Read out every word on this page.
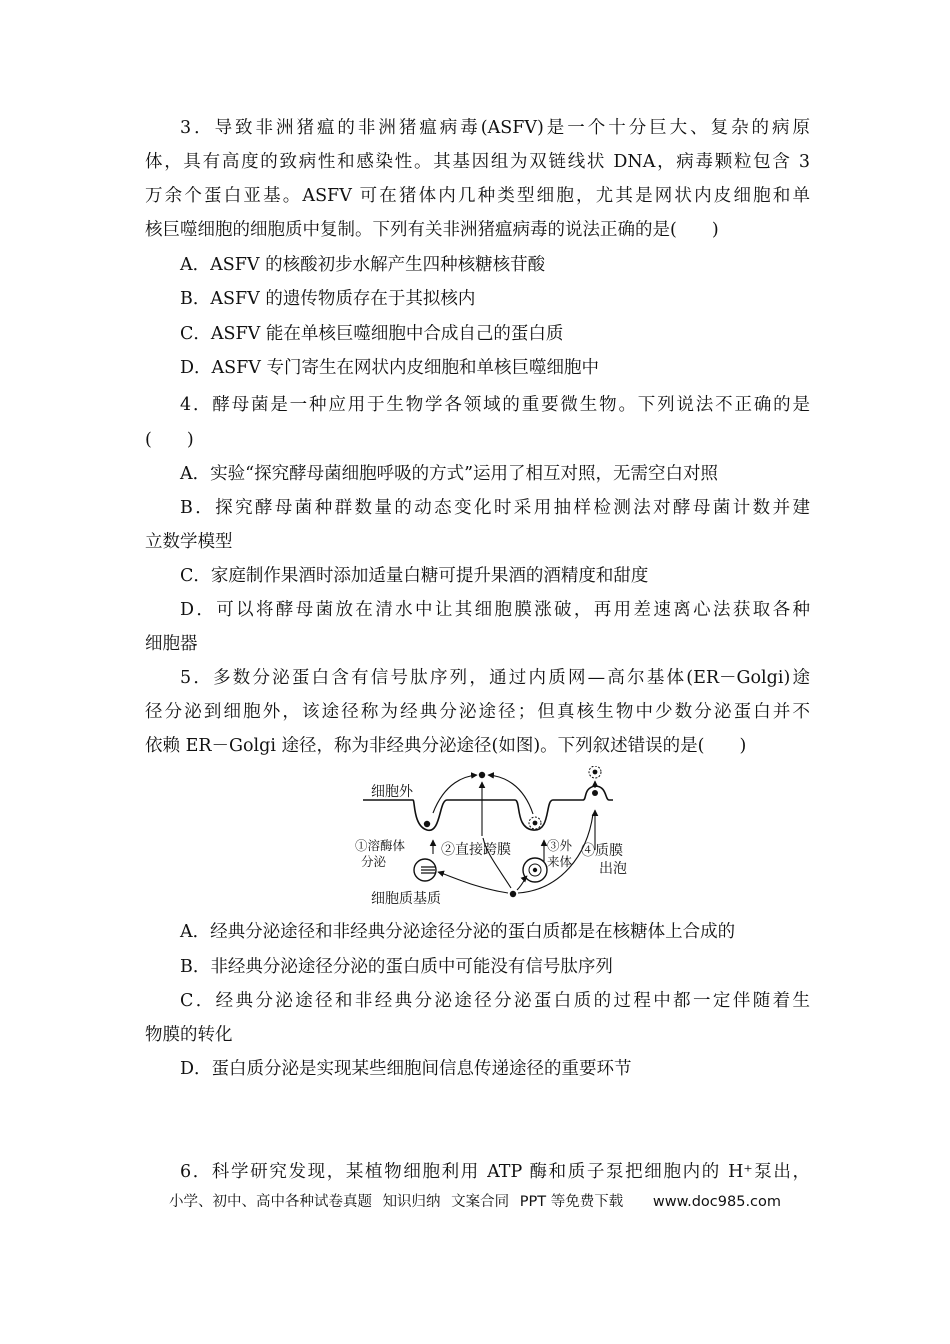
3．导致非洲猪瘟的非洲猪瘟病毒(ASFV)是一个十分巨大、复杂的病原
体，具有高度的致病性和感染性。其基因组为双链线状 DNA，病毒颗粒包含 3
万余个蛋白亚基。ASFV 可在猪体内几种类型细胞，尤其是网状内皮细胞和单
核巨噬细胞的细胞质中复制。下列有关非洲猪瘟病毒的说法正确的是(　　)
A．ASFV 的核酸初步水解产生四种核糖核苷酸
B．ASFV 的遗传物质存在于其拟核内
C．ASFV 能在单核巨噬细胞中合成自己的蛋白质
D．ASFV 专门寄生在网状内皮细胞和单核巨噬细胞中
4．酵母菌是一种应用于生物学各领域的重要微生物。下列说法不正确的是
(　　)
A．实验“探究酵母菌细胞呼吸的方式”运用了相互对照，无需空白对照
B．探究酵母菌种群数量的动态变化时采用抽样检测法对酵母菌计数并建
立数学模型
C．家庭制作果酒时添加适量白糖可提升果酒的酒精度和甜度
D．可以将酵母菌放在清水中让其细胞膜涨破，再用差速离心法获取各种
细胞器
5．多数分泌蛋白含有信号肽序列，通过内质网—高尔基体(ER－Golgi)途
径分泌到细胞外，该途径称为经典分泌途径；但真核生物中少数分泌蛋白并不
依赖 ER－Golgi 途径，称为非经典分泌途径(如图)。下列叙述错误的是(　　)
细胞外
①溶酶体
分泌
②直接跨膜	③外
来体
④质膜
出泡
细胞质基质
A．经典分泌途径和非经典分泌途径分泌的蛋白质都是在核糖体上合成的
B．非经典分泌途径分泌的蛋白质中可能没有信号肽序列
C．经典分泌途径和非经典分泌途径分泌蛋白质的过程中都一定伴随着生
物膜的转化
D．蛋白质分泌是实现某些细胞间信息传递途径的重要环节
6．科学研究发现，某植物细胞利用 ATP 酶和质子泵把细胞内的 H⁺泵出，
小学、初中、高中各种试卷真题 知识归纳 文案合同 PPT 等免费下载 www.doc985.com
